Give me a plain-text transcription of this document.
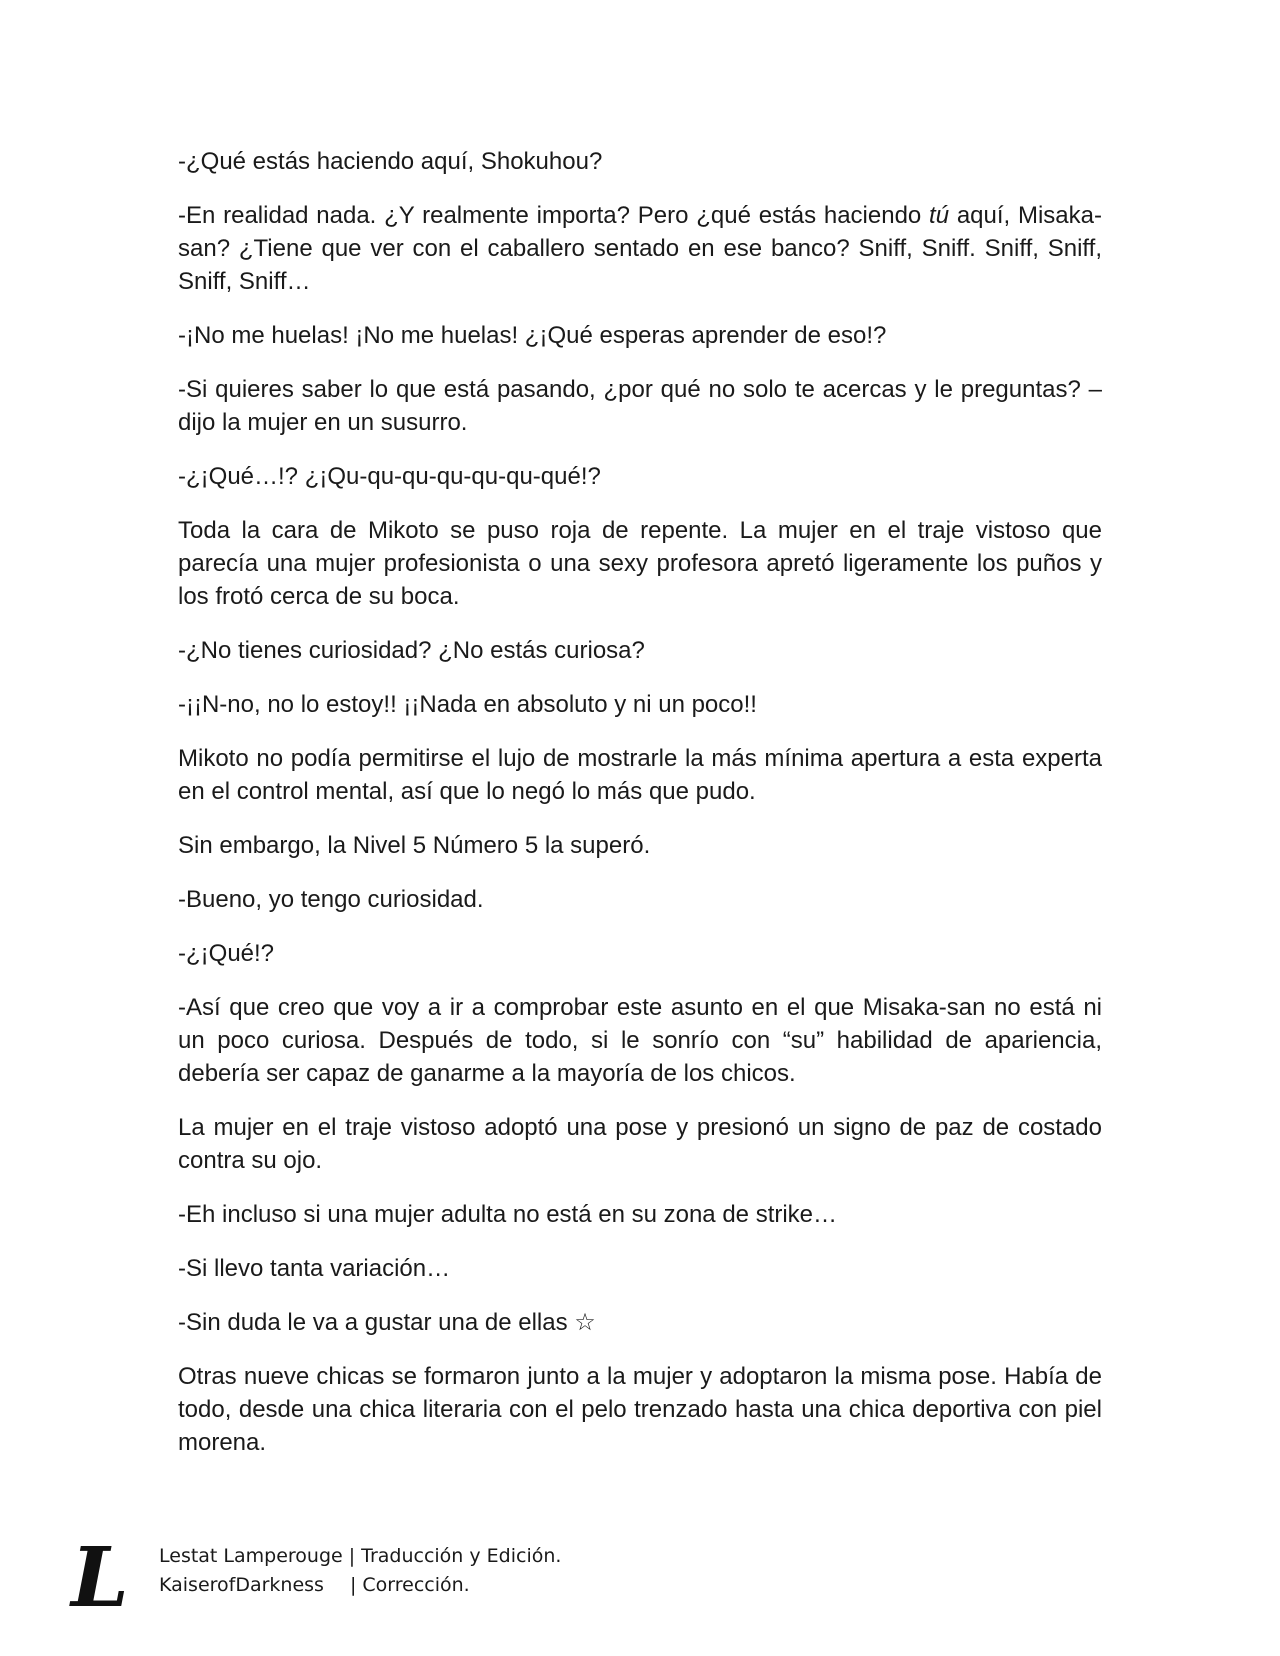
-¿Qué estás haciendo aquí, Shokuhou?

-En realidad nada. ¿Y realmente importa? Pero ¿qué estás haciendo tú aquí, Misaka-san? ¿Tiene que ver con el caballero sentado en ese banco? Sniff, Sniff. Sniff, Sniff, Sniff, Sniff…

-¡No me huelas! ¡No me huelas! ¿¡Qué esperas aprender de eso!?

-Si quieres saber lo que está pasando, ¿por qué no solo te acercas y le preguntas? – dijo la mujer en un susurro.

-¿¡Qué…!? ¿¡Qu-qu-qu-qu-qu-qu-qué!?

Toda la cara de Mikoto se puso roja de repente. La mujer en el traje vistoso que parecía una mujer profesionista o una sexy profesora apretó ligeramente los puños y los frotó cerca de su boca.

-¿No tienes curiosidad? ¿No estás curiosa?

-¡¡N-no, no lo estoy!! ¡¡Nada en absoluto y ni un poco!!

Mikoto no podía permitirse el lujo de mostrarle la más mínima apertura a esta experta en el control mental, así que lo negó lo más que pudo.

Sin embargo, la Nivel 5 Número 5 la superó.

-Bueno, yo tengo curiosidad.

-¿¡Qué!?

-Así que creo que voy a ir a comprobar este asunto en el que Misaka-san no está ni un poco curiosa. Después de todo, si le sonrío con “su” habilidad de apariencia, debería ser capaz de ganarme a la mayoría de los chicos.

La mujer en el traje vistoso adoptó una pose y presionó un signo de paz de costado contra su ojo.

-Eh incluso si una mujer adulta no está en su zona de strike…

-Si llevo tanta variación…

-Sin duda le va a gustar una de ellas ☆

Otras nueve chicas se formaron junto a la mujer y adoptaron la misma pose. Había de todo, desde una chica literaria con el pelo trenzado hasta una chica deportiva con piel morena.

L	Lestat Lamperouge | Traducción y Edición.
KaiserofDarkness | Corrección.
